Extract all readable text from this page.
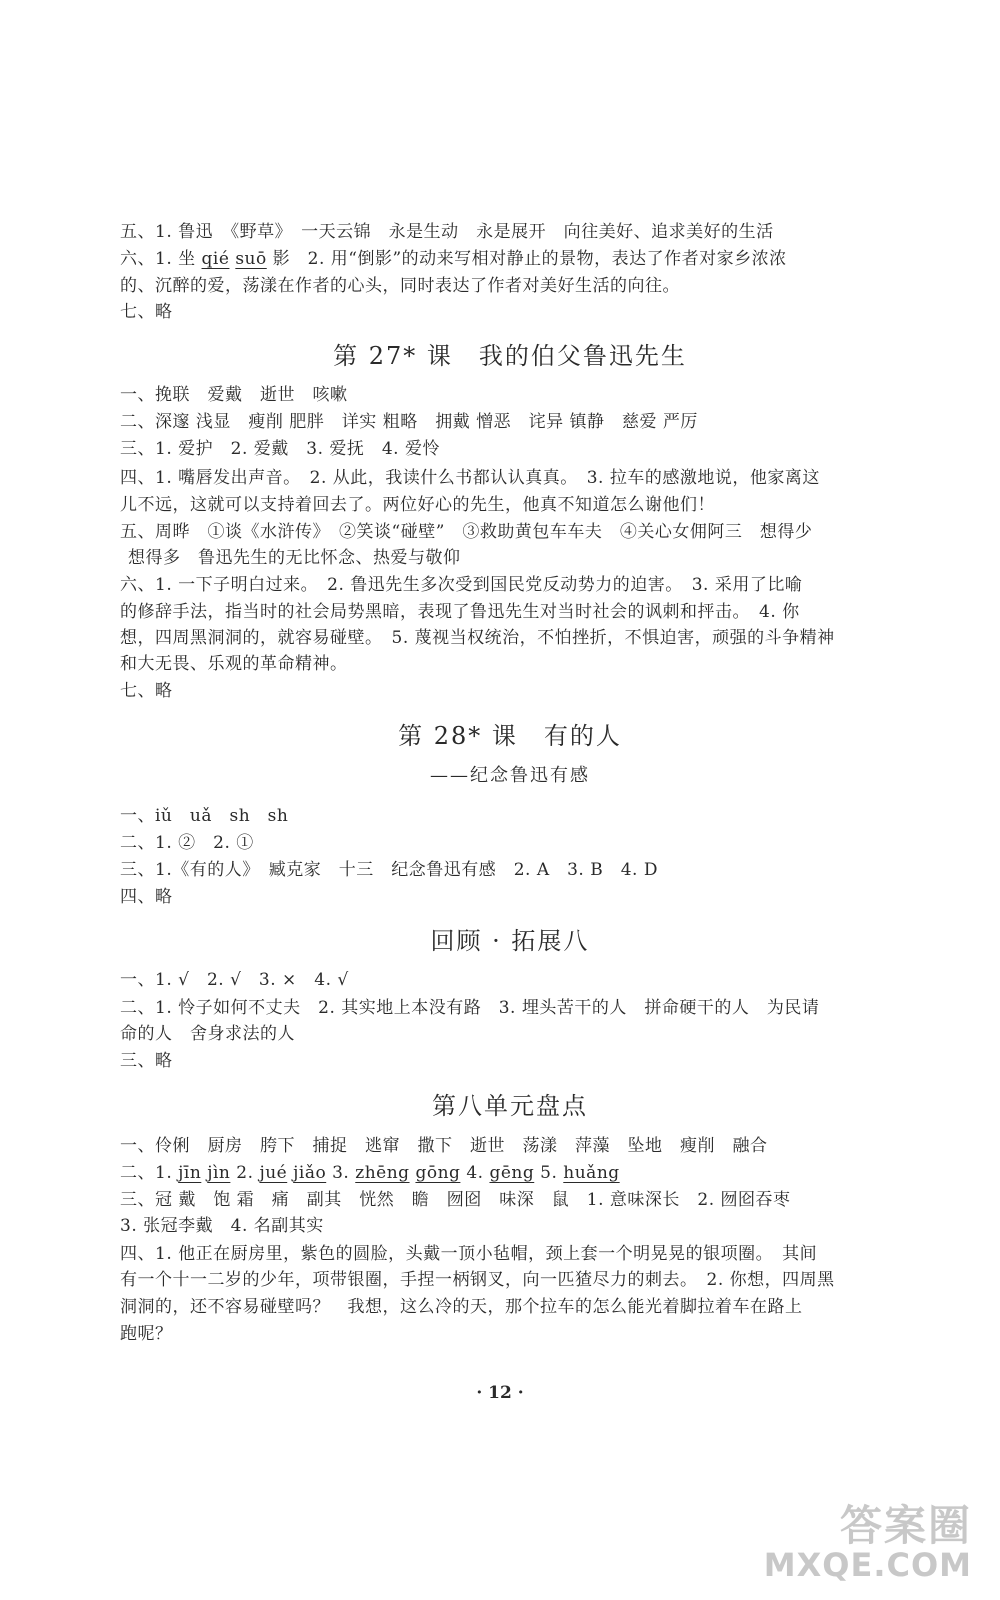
五、1. 鲁迅　《野草》　一天云锦　永是生动　永是展开　向往美好、追求美好的生活
六、1. 坐 qié suō 影　2. 用“倒影”的动来写相对静止的景物，表达了作者对家乡浓浓
的、沉醉的爱，荡漾在作者的心头，同时表达了作者对美好生活的向往。
七、略
第 27* 课　我的伯父鲁迅先生
一、挽联　爱戴　逝世　咳嗽
二、深邃 浅显　瘦削 肥胖　详实 粗略　拥戴 憎恶　诧异 镇静　慈爱 严厉
三、1. 爱护　2. 爱戴　3. 爱抚　4. 爱怜
四、1. 嘴唇发出声音。　2. 从此，我读什么书都认认真真。　3. 拉车的感激地说，他家离这
儿不远，这就可以支持着回去了。两位好心的先生，他真不知道怎么谢他们！
五、周晔　①谈《水浒传》　②笑谈“碰壁”　③救助黄包车车夫　④关心女佣阿三　想得少
想得多　鲁迅先生的无比怀念、热爱与敬仰
六、1. 一下子明白过来。　2. 鲁迅先生多次受到国民党反动势力的迫害。　3. 采用了比喻
的修辞手法，指当时的社会局势黑暗，表现了鲁迅先生对当时社会的讽刺和抨击。　4. 你
想，四周黑洞洞的，就容易碰壁。　5. 蔑视当权统治，不怕挫折，不惧迫害，顽强的斗争精神
和大无畏、乐观的革命精神。
七、略
第 28* 课　有的人
——纪念鲁迅有感
一、iǔ　uǎ　sh　sh
二、1. ②　2. ①
三、1.《有的人》　臧克家　十三　纪念鲁迅有感　2. A　3. B　4. D
四、略
回顾 · 拓展八
一、1. √　2. √　3. ×　4. √
二、1. 怜子如何不丈夫　2. 其实地上本没有路　3. 埋头苦干的人　拼命硬干的人　为民请
命的人　舍身求法的人
三、略
第八单元盘点
一、伶俐　厨房　胯下　捕捉　逃窜　撒下　逝世　荡漾　萍藻　坠地　瘦削　融合
二、1. jīn jìn 2. jué jiǎo 3. zhēng gōng 4. gēng 5. huǎng
三、冠 戴　饱 霜　痛　副其　恍然　瞻　囫囵　味深　鼠　1. 意味深长　2. 囫囵吞枣
3. 张冠李戴　4. 名副其实
四、1. 他正在厨房里，紫色的圆脸，头戴一顶小毡帽，颈上套一个明晃晃的银项圈。　其间
有一个十一二岁的少年，项带银圈，手捏一柄钢叉，向一匹猹尽力的刺去。　2. 你想，四周黑
洞洞的，还不容易碰壁吗？　我想，这么冷的天，那个拉车的怎么能光着脚拉着车在路上
跑呢？
· 12 ·
答案圈
MXQE.COM
